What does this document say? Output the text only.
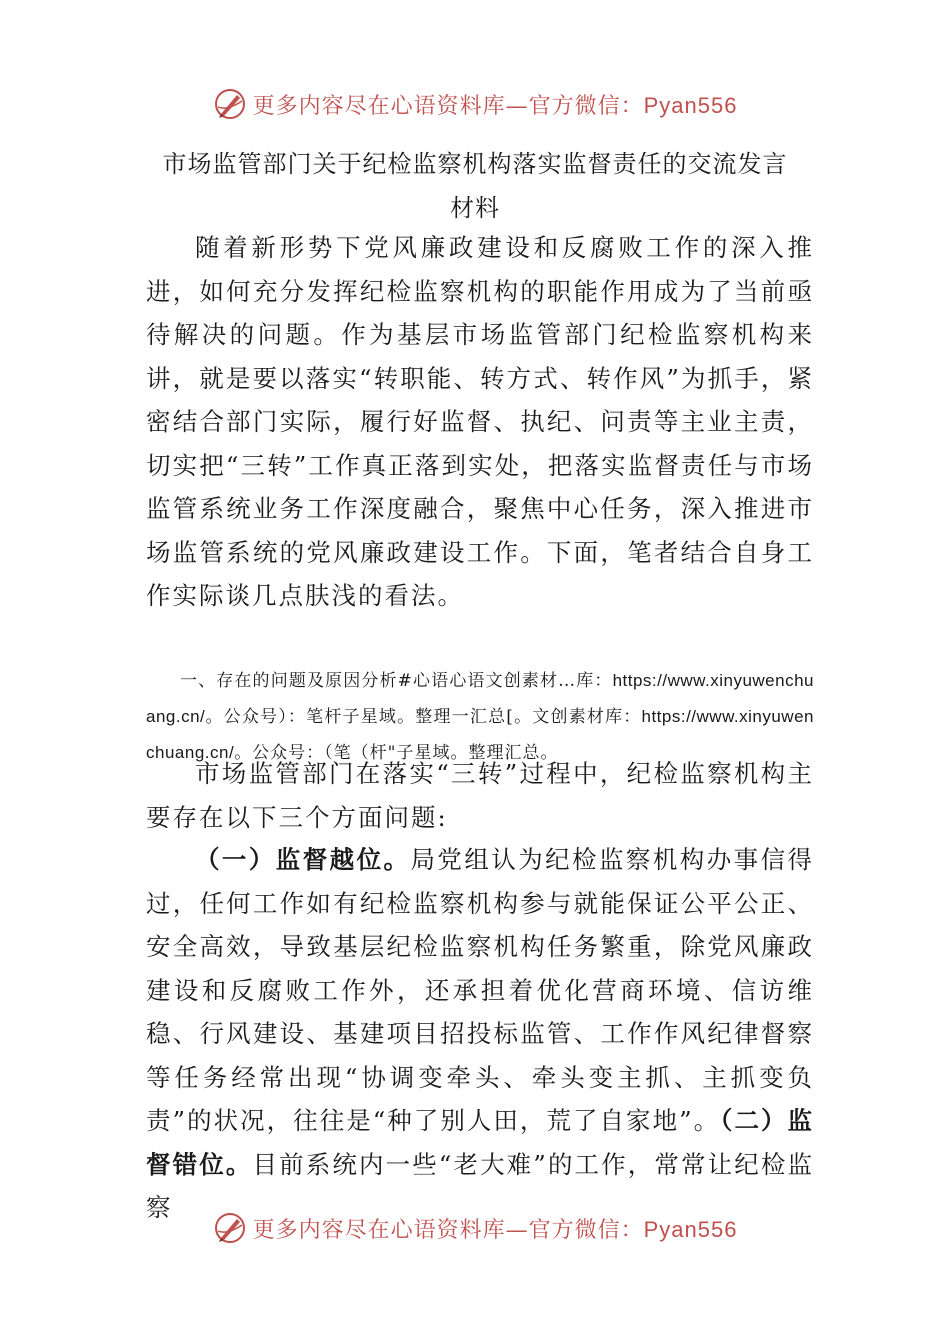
更多内容尽在心语资料库—官方微信：Pyan556
市场监管部门关于纪检监察机构落实监督责任的交流发言
材料

随着新形势下党风廉政建设和反腐败工作的深入推进，如何充分发挥纪检监察机构的职能作用成为了当前亟待解决的问题。作为基层市场监管部门纪检监察机构来讲，就是要以落实“转职能、转方式、转作风”为抓手，紧密结合部门实际，履行好监督、执纪、问责等主业主责，切实把“三转”工作真正落到实处，把落实监督责任与市场监管系统业务工作深度融合，聚焦中心任务，深入推进市场监管系统的党风廉政建设工作。下面，笔者结合自身工作实际谈几点肤浅的看法。

一、存在的问题及原因分析#心语心语文创素材…库：https://www.xinyuwenchuang.cn/。公众号）：笔杆子星域。整理一汇总[。文创素材库：https://www.xinyuwenchuang.cn/。公众号：（笔（杆"子星域。整理汇总。

市场监管部门在落实“三转”过程中，纪检监察机构主要存在以下三个方面问题:

（一）监督越位。局党组认为纪检监察机构办事信得过，任何工作如有纪检监察机构参与就能保证公平公正、安全高效，导致基层纪检监察机构任务繁重，除党风廉政建设和反腐败工作外，还承担着优化营商环境、信访维稳、行风建设、基建项目招投标监管、工作作风纪律督察等任务经常出现“协调变牵头、牵头变主抓、主抓变负责”的状况，往往是“种了别人田，荒了自家地”。（二）监督错位。目前系统内一些“老大难”的工作，常常让纪检监察

更多内容尽在心语资料库—官方微信：Pyan556
